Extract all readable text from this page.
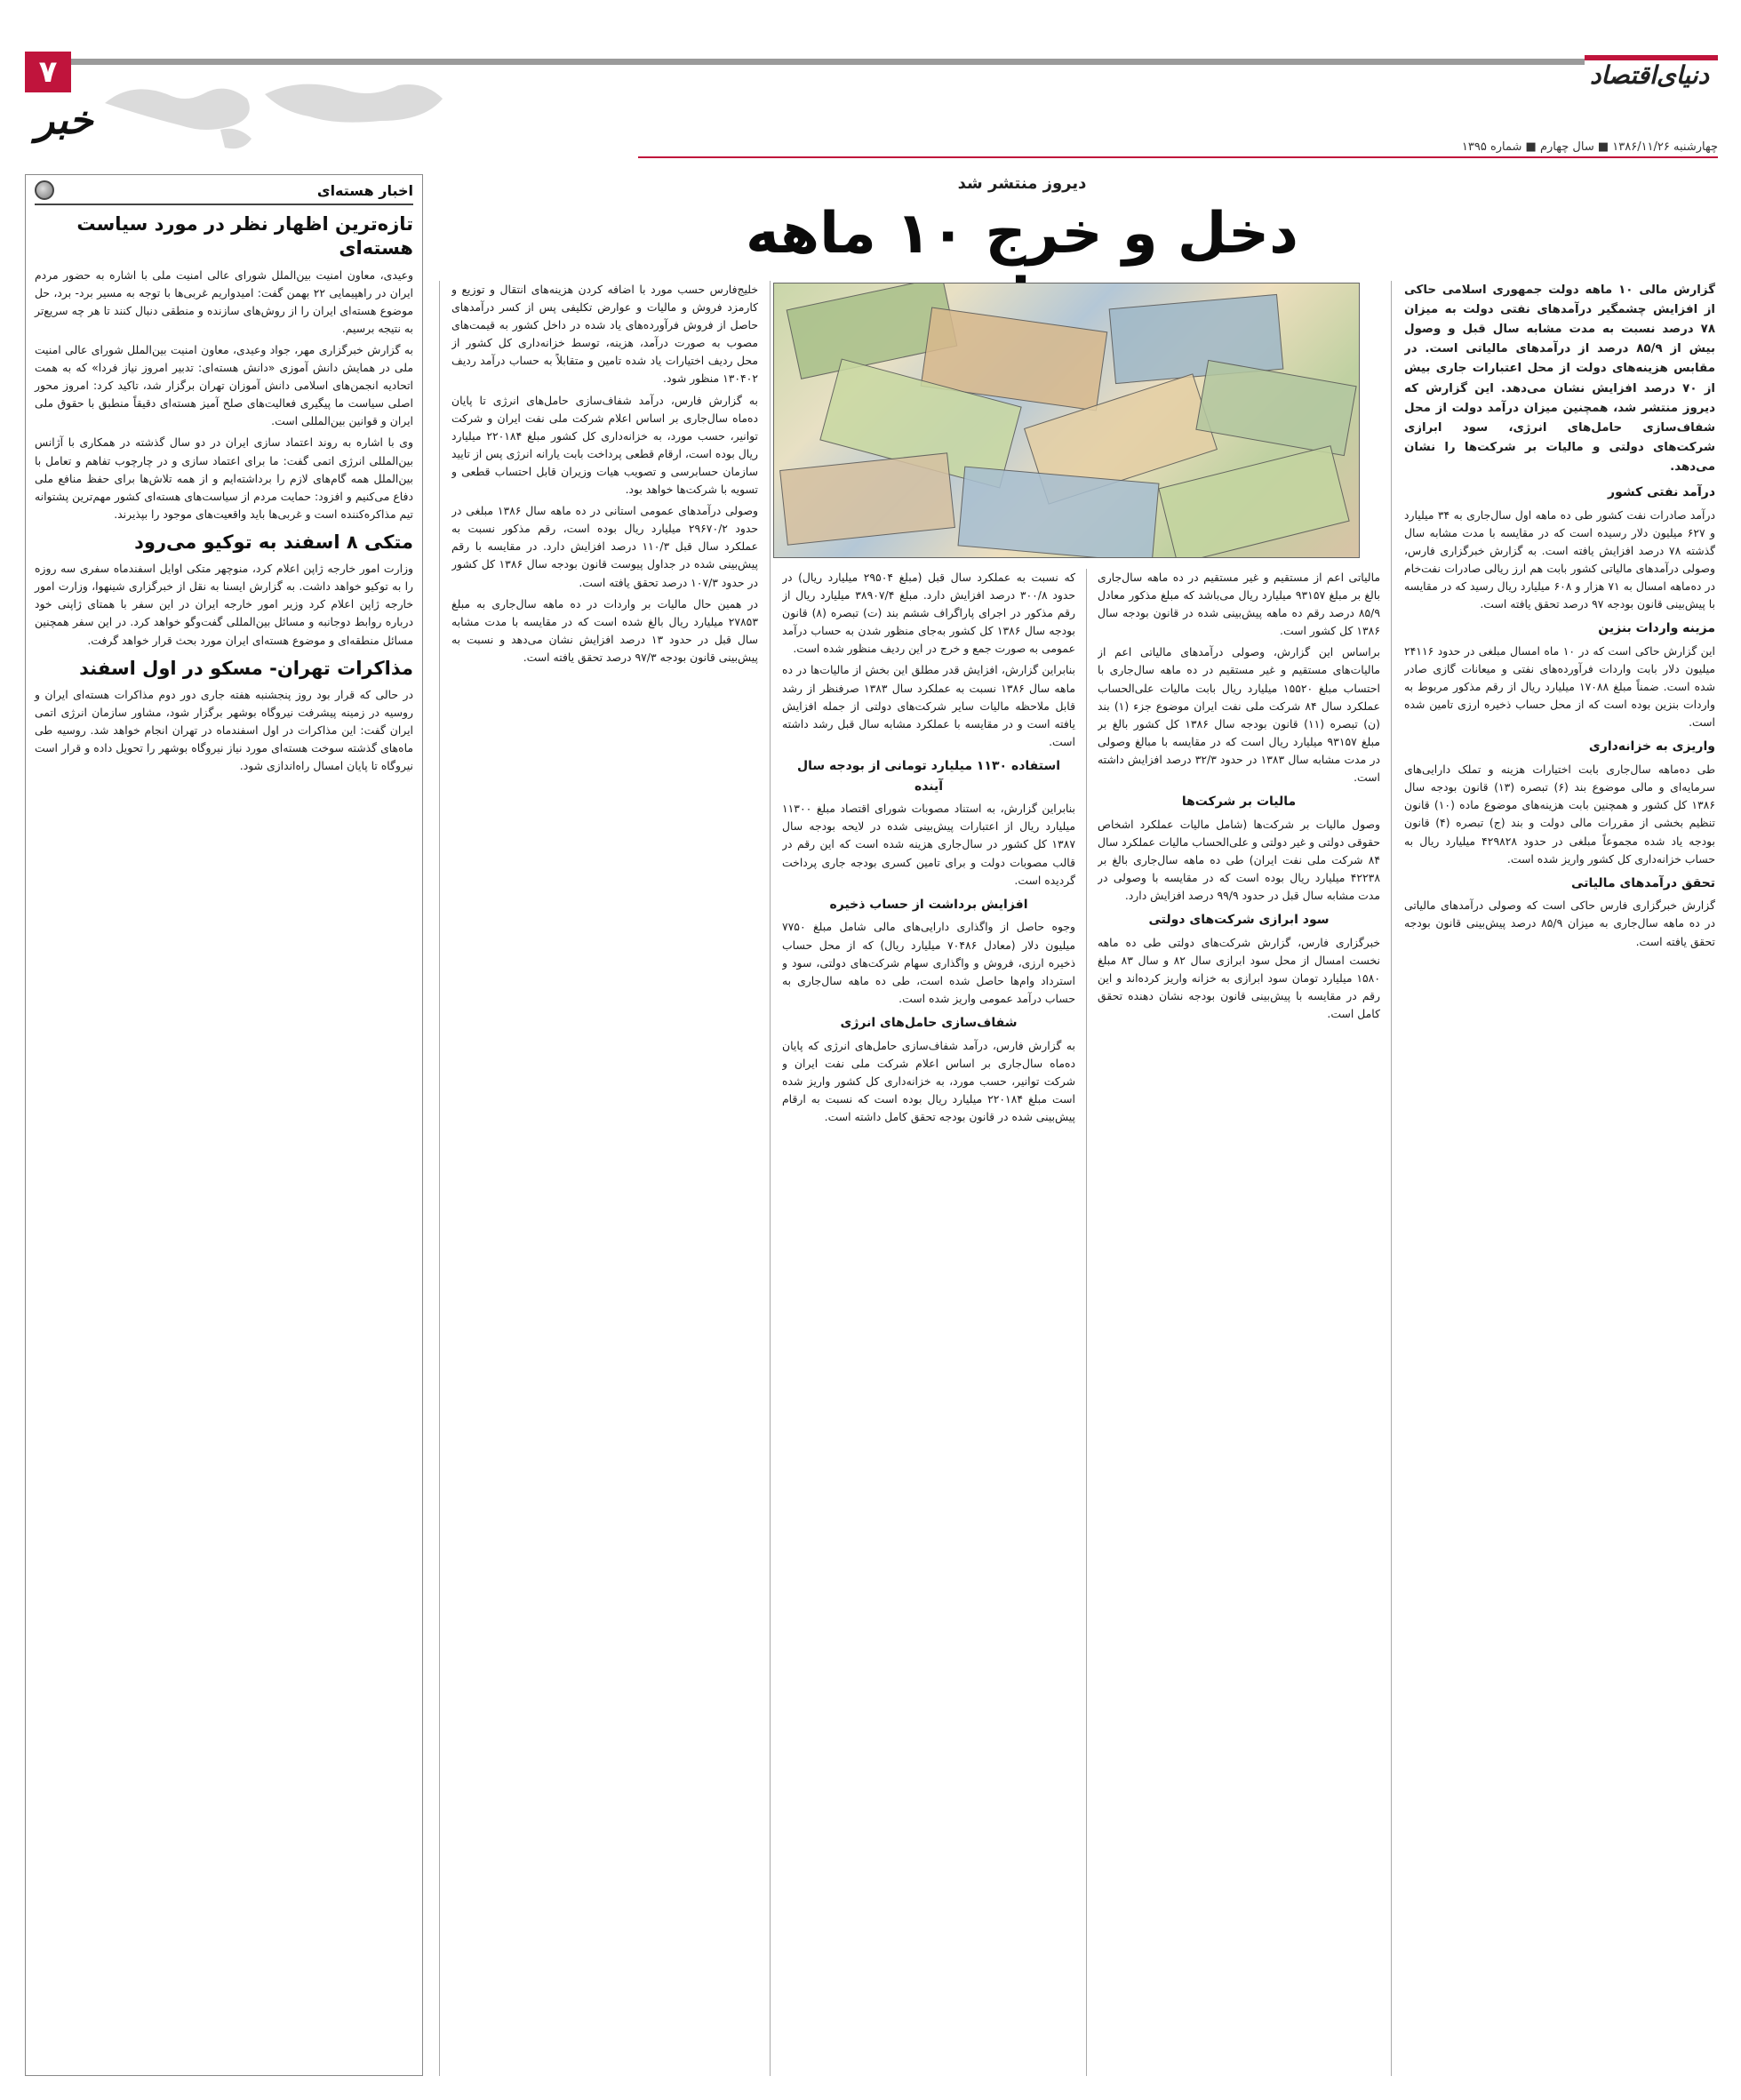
۷
خبر
دنیای‌اقتصاد
چهارشنبه ۱۳۸۶/۱۱/۲۶ ■ سال چهارم ■ شماره ۱۳۹۵
اخبار هسته‌ای
تازه‌ترین اظهار نظر در مورد سیاست هسته‌ای

وعیدی، معاون امنیت بین‌الملل شورای عالی امنیت ملی با اشاره به حضور مردم ایران در راهپیمایی ۲۲ بهمن گفت: امیدواریم غربی‌ها با توجه به مسیر برد- برد، حل موضوع هسته‌ای ایران را از روش‌های سازنده و منطقی دنبال کنند تا هر چه سریع‌تر به نتیجه برسیم.

به گزارش خبرگزاری مهر، جواد وعیدی، معاون امنیت بین‌الملل شورای عالی امنیت ملی در همایش دانش آموزی «دانش هسته‌ای: تدبیر امروز نیاز فردا» که به همت اتحادیه انجمن‌های اسلامی دانش آموزان تهران برگزار شد، تاکید کرد: امروز محور اصلی سیاست ما پیگیری فعالیت‌های صلح آمیز هسته‌ای دقیقاً منطبق با حقوق ملی ایران و قوانین بین‌المللی است.

وی با اشاره به روند اعتماد سازی ایران در دو سال گذشته در همکاری با آژانس بین‌المللی انرژی اتمی گفت: ما برای اعتماد سازی و در چارچوب تفاهم و تعامل با بین‌الملل همه گام‌های لازم را برداشته‌ایم و از همه تلاش‌ها برای حفظ منافع ملی دفاع می‌کنیم و افزود: حمایت مردم از سیاست‌های هسته‌ای کشور مهم‌ترین پشتوانه تیم مذاکره‌کننده است و غربی‌ها باید واقعیت‌های موجود را بپذیرند.

متکی ۸ اسفند به توکیو می‌رود

وزارت امور خارجه ژاپن اعلام کرد، منوچهر متکی اوایل اسفندماه سفری سه روزه را به توکیو خواهد داشت. به گزارش ایسنا به نقل از خبرگزاری شینهوا، وزارت امور خارجه ژاپن اعلام کرد وزیر امور خارجه ایران در این سفر با همتای ژاپنی خود درباره روابط دوجانبه و مسائل بین‌المللی گفت‌وگو خواهد کرد. در این سفر همچنین مسائل منطقه‌ای و موضوع هسته‌ای ایران مورد بحث قرار خواهد گرفت.

مذاکرات تهران- مسکو در اول اسفند

در حالی که قرار بود روز پنجشنبه هفته جاری دور دوم مذاکرات هسته‌ای ایران و روسیه در زمینه پیشرفت نیروگاه بوشهر برگزار شود، مشاور سازمان انرژی اتمی ایران گفت: این مذاکرات در اول اسفندماه در تهران انجام خواهد شد. روسیه طی ماه‌های گذشته سوخت هسته‌ای مورد نیاز نیروگاه بوشهر را تحویل داده و قرار است نیروگاه تا پایان امسال راه‌اندازی شود.

دیروز منتشر شد
دخل و خرج ۱۰ ماهه

گزارش مالی ۱۰ ماهه دولت جمهوری اسلامی حاکی از افزایش چشمگیر درآمدهای نفتی دولت به میزان ۷۸ درصد نسبت به مدت مشابه سال قبل و وصول بیش از ۸۵/۹ درصد از درآمدهای مالیاتی است. در مقابس هزینه‌های دولت از محل اعتبارات جاری بیش از ۷۰ درصد افزایش نشان می‌دهد. این گزارش که دیروز منتشر شد، همچنین میزان درآمد دولت از محل شفاف‌سازی حامل‌های انرژی، سود ابرازی شرکت‌های دولتی و مالیات بر شرکت‌ها را نشان می‌دهد.

درآمد نفتی کشور

درآمد صادرات نفت کشور طی ده ماهه اول سال‌جاری به ۳۴ میلیارد و ۶۲۷ میلیون دلار رسیده است که در مقایسه با مدت مشابه سال گذشته ۷۸ درصد افزایش یافته است. به گزارش خبرگزاری فارس، وصولی درآمدهای مالیاتی کشور بابت هم ارز ریالی صادرات نفت‌خام در ده‌ماهه امسال به ۷۱ هزار و ۶۰۸ میلیارد ریال رسید که در مقایسه با پیش‌بینی قانون بودجه ۹۷ درصد تحقق یافته است.

مزینه واردات بنزین

این گزارش حاکی است که در ۱۰ ماه امسال مبلغی در حدود ۲۴۱۱۶ میلیون دلار بابت واردات فرآورده‌های نفتی و میعانات گازی صادر شده است. ضمناً مبلغ ۱۷۰۸۸ میلیارد ریال از رقم مذکور مربوط به واردات بنزین بوده است که از محل حساب ذخیره ارزی تامین شده است.

واریزی به خزانه‌داری

طی ده‌ماهه سال‌جاری بابت اختیارات هزینه و تملک دارایی‌های سرمایه‌ای و مالی موضوع بند (۶) تبصره (۱۳) قانون بودجه سال ۱۳۸۶ کل کشور و همچنین بابت هزینه‌های موضوع ماده (۱۰) قانون تنظیم بخشی از مقررات مالی دولت و بند (ج) تبصره (۴) قانون بودجه یاد شده مجموعاً مبلغی در حدود ۴۲۹۸۲۸ میلیارد ریال به حساب خزانه‌داری کل کشور واریز شده است.

تحقق درآمدهای مالیاتی

گزارش خبرگزاری فارس حاکی است که وصولی درآمدهای مالیاتی در ده ماهه سال‌جاری به میزان ۸۵/۹ درصد پیش‌بینی قانون بودجه تحقق یافته است.

مالیاتی اعم از مستقیم و غیر مستقیم در ده ماهه سال‌جاری بالغ بر مبلغ ۹۳۱۵۷ میلیارد ریال می‌باشد که مبلغ مذکور معادل ۸۵/۹ درصد رقم ده ماهه پیش‌بینی شده در قانون بودجه سال ۱۳۸۶ کل کشور است.

براساس این گزارش، وصولی درآمدهای مالیاتی اعم از مالیات‌های مستقیم و غیر مستقیم در ده ماهه سال‌جاری با احتساب مبلغ ۱۵۵۲۰ میلیارد ریال بابت مالیات علی‌الحساب عملکرد سال ۸۴ شرکت ملی نفت ایران موضوع جزء (۱) بند (ن) تبصره (۱۱) قانون بودجه سال ۱۳۸۶ کل کشور بالغ بر مبلغ ۹۳۱۵۷ میلیارد ریال است که در مقایسه با مبالغ وصولی در مدت مشابه سال ۱۳۸۳ در حدود ۳۲/۳ درصد افزایش داشته است.

مالیات بر شرکت‌ها

وصول مالیات بر شرکت‌ها (شامل مالیات عملکرد اشخاص حقوقی دولتی و غیر دولتی و علی‌الحساب مالیات عملکرد سال ۸۴ شرکت ملی نفت ایران) طی ده ماهه سال‌جاری بالغ بر ۴۲۲۳۸ میلیارد ریال بوده است که در مقایسه با وصولی در مدت مشابه سال قبل در حدود ۹۹/۹ درصد افزایش دارد.

سود ابرازی شرکت‌های دولتی

خبرگزاری فارس، گزارش شرکت‌های دولتی طی ده ماهه نخست امسال از محل سود ابرازی سال ۸۲ و سال ۸۳ مبلغ ۱۵۸۰ میلیارد تومان سود ابرازی به خزانه واریز کرده‌اند و این رقم در مقایسه با پیش‌بینی قانون بودجه نشان دهنده تحقق کامل است.

که نسبت به عملکرد سال قبل (مبلغ ۲۹۵۰۴ میلیارد ریال) در حدود ۳۰۰/۸ درصد افزایش دارد. مبلغ ۳۸۹۰۷/۴ میلیارد ریال از رقم مذکور در اجرای پاراگراف ششم بند (ت) تبصره (۸) قانون بودجه سال ۱۳۸۶ کل کشور به‌جای منظور شدن به حساب درآمد عمومی به صورت جمع و خرج در این ردیف منظور شده است.

بنابراین گزارش، افزایش قدر مطلق این بخش از مالیات‌ها در ده ماهه سال ۱۳۸۶ نسبت به عملکرد سال ۱۳۸۳ صرفنظر از رشد قابل ملاحظه مالیات سایر شرکت‌های دولتی از جمله افزایش یافته است و در مقایسه با عملکرد مشابه سال قبل رشد داشته است.

استفاده ۱۱۳۰ میلیارد تومانی از بودجه سال آینده

بنابراین گزارش، به استناد مصوبات شورای اقتصاد مبلغ ۱۱۳۰۰ میلیارد ریال از اعتبارات پیش‌بینی شده در لایحه بودجه سال ۱۳۸۷ کل کشور در سال‌جاری هزینه شده است که این رقم در قالب مصوبات دولت و برای تامین کسری بودجه جاری پرداخت گردیده است.

افزایش برداشت از حساب ذخیره

وجوه حاصل از واگذاری دارایی‌های مالی شامل مبلغ ۷۷۵۰ میلیون دلار (معادل ۷۰۴۸۶ میلیارد ریال) که از محل حساب ذخیره ارزی، فروش و واگذاری سهام شرکت‌های دولتی، سود و استرداد وام‌ها حاصل شده است، طی ده ماهه سال‌جاری به حساب درآمد عمومی واریز شده است.

شفاف‌سازی حامل‌های انرژی

به گزارش فارس، درآمد شفاف‌سازی حامل‌های انرژی که پایان ده‌ماه سال‌جاری بر اساس اعلام شرکت ملی نفت ایران و شرکت توانیر، حسب مورد، به خزانه‌داری کل کشور واریز شده است مبلغ ۲۲۰۱۸۴ میلیارد ریال بوده است که نسبت به ارقام پیش‌بینی شده در قانون بودجه تحقق کامل داشته است.

خلیج‌فارس حسب مورد با اضافه کردن هزینه‌های انتقال و توزیع و کارمزد فروش و مالیات و عوارض تکلیفی پس از کسر درآمدهای حاصل از فروش فرآورده‌های یاد شده در داخل کشور به قیمت‌های مصوب به صورت درآمد، هزینه، توسط خزانه‌داری کل کشور از محل ردیف اختیارات یاد شده تامین و متقابلاً به حساب درآمد ردیف ۱۳۰۴۰۲ منظور شود.

به گزارش فارس، درآمد شفاف‌سازی حامل‌های انرژی تا پایان ده‌ماه سال‌جاری بر اساس اعلام شرکت ملی نفت ایران و شرکت توانیر، حسب مورد، به خزانه‌داری کل کشور مبلغ ۲۲۰۱۸۴ میلیارد ریال بوده است، ارقام قطعی پرداخت بابت یارانه انرژی پس از تایید سازمان حسابرسی و تصویب هیات وزیران قابل احتساب قطعی و تسویه با شرکت‌ها خواهد بود.

وصولی درآمدهای عمومی استانی در ده ماهه سال ۱۳۸۶ مبلغی در حدود ۲۹۶۷۰/۲ میلیارد ریال بوده است، رقم مذکور نسبت به عملکرد سال قبل ۱۱۰/۳ درصد افزایش دارد. در مقایسه با رقم پیش‌بینی شده در جداول پیوست قانون بودجه سال ۱۳۸۶ کل کشور در حدود ۱۰۷/۳ درصد تحقق یافته است.

در همین حال مالیات بر واردات در ده ماهه سال‌جاری به مبلغ ۲۷۸۵۳ میلیارد ریال بالغ شده است که در مقایسه با مدت مشابه سال قبل در حدود ۱۳ درصد افزایش نشان می‌دهد و نسبت به پیش‌بینی قانون بودجه ۹۷/۳ درصد تحقق یافته است.
